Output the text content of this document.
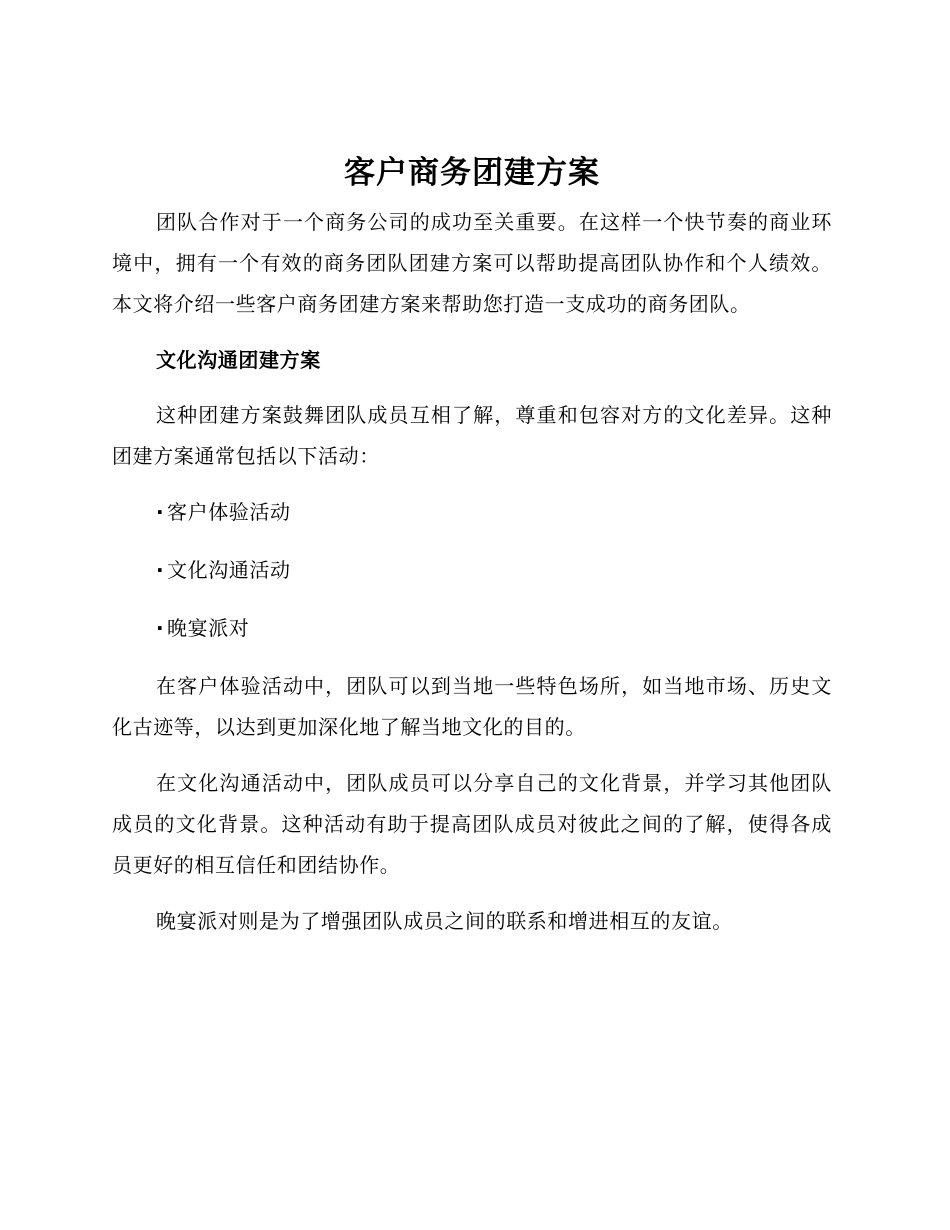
客户商务团建方案

团队合作对于一个商务公司的成功至关重要。在这样一个快节奏的商业环境中，拥有一个有效的商务团队团建方案可以帮助提高团队协作和个人绩效。本文将介绍一些客户商务团建方案来帮助您打造一支成功的商务团队。

文化沟通团建方案

这种团建方案鼓舞团队成员互相了解，尊重和包容对方的文化差异。这种团建方案通常包括以下活动：

· 客户体验活动
· 文化沟通活动
· 晚宴派对

在客户体验活动中，团队可以到当地一些特色场所，如当地市场、历史文化古迹等，以达到更加深化地了解当地文化的目的。

在文化沟通活动中，团队成员可以分享自己的文化背景，并学习其他团队成员的文化背景。这种活动有助于提高团队成员对彼此之间的了解，使得各成员更好的相互信任和团结协作。

晚宴派对则是为了增强团队成员之间的联系和增进相互的友谊。
